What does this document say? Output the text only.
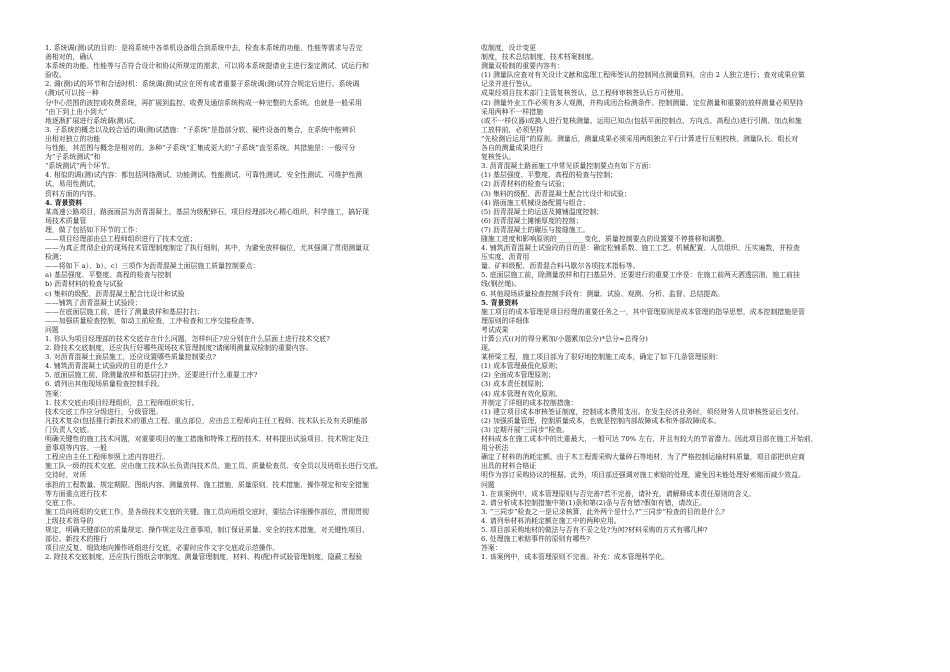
1. 系统调(测)试的目的：是将系统中各单机设备组合到系统中去，检查本系统的功能、性能等需求与否完
善相对的，确认
本系统的功能、性能等与否符合设计和协议所规定的需求，可以将本系统提请业主进行鉴定测试、试运行和
验收。
2. 调(测)试的环节和合适时机：系统调(测)试应在所有或者重要子系统调(测)试符合规定后进行。系统调
(测)试可以按一种
分中心范围的波控或收费系统，再扩展到监控、收费及通信系统构成一种完整的大系统。也就是一般采用
“由下到上由小到大”
地逐渐扩展进行系统调(测)试。
3. 子系统的概念以及较合适的调(测)试措施：“子系统”是指部分软、硬件设备的集合，在系统中能辨识
出相对独立的功能
与性能，其范围与概念是相对的。多种“子系统”汇集成更大的“子系统”直至系统。其措施是：一般可分
为“子系统测试”和
“系统测试”两个环节。
4. 相似的调(测)试内容：都包括网络测试、功能测试、性能测试、可靠性测试、安全性测试、可维护性测
试、易用性测试、
资料方面的内容。
4. 背景资料
某高速公路项目，路面面层为沥青混凝土，基层为级配碎石，项目经理部决心精心组织、科学施工，搞好现
场技术质量管
理，做了包括如下环节的工作：
——项目经理部由总工程师组织进行了技术交底；
——为真正贯彻企业的现场技术管理制度制定了执行细则，其中，为避免放样偏位，尤其强调了贯彻测量双
检测；
——将如下 a）、b）、c）三项作为沥青混凝土面层施工质量控制要点：
a) 基层强度、平整度、高程的检查与控制
b) 沥青材料的检查与试验
c) 集料的级配、沥青混凝土配合比设计和试验
——铺筑了沥青混凝土试验段；
——在底面层施工前，进行了测量放样和基层打扫；
——加强质量检查控制，如动工前检查，工序检查和工序交接检查等。
问题
1. 你认为项目经理部的技术交底存在什么问题，怎样纠正?应分别在什么层面上进行技术交底?
2. 除技术交底制度，还应执行好哪些现场技术管理制度?请阐明测量双检制的重要内容。
3. 对沥青混凝土面层施工，还应设置哪些质量控制要点?
4. 铺筑沥青混凝土试验段的目的是什么?
5. 底面层施工前，除测量放样和基层打扫外，还要进行什么重要工序?
6. 请列出其他现场质量检查控制手段。
答案：
1. 技术交底由项目经理组织，总工程师组织实行。
技术交底工作应分级进行，分级管理。
凡技术复杂(包括推行新技术)的重点工程、重点部位，应由总工程师向主任工程师、技术队长及有关职能部
门负责人交底。
明确关键性的施工技术问题，对重要项目的施工措施和特殊工程的技术、材料提出试验项目、技术规定及注
意事项等内容。一般
工程应由主任工程师参照上述内容进行。
施工队一级的技术交底，应由施工技术队长负责向技术员、施工员、质量检查员、安全员以及班组长进行交底。
交待时，对所
承担的工程数量、规定期限、图纸内容、测量放样、施工措施、质量原则、技术措施、操作规定和安全措施
等方面重点进行技术
交底工作。
施工员向班组的交底工作，是各级技术交底的关键。施工员向班组交底时，要结合详细操作部位，贯彻贯彻
上级技术领导的
规定，明确关键部位的质量规定、操作规定及注意事项，制订保证质量、安全的技术措施，对关键性项目、
部位、新技术的推行
项目应反复、细致地向操作班组进行交底，必要时应作文字交底或示范操作。
2. 除技术交底制度，还应执行图纸会审制度、测量管理制度，材料、构(配)件试验管理制度，隐蔽工程验
收制度，设计变更
制度，技术总结制度，技术档案制度。
测量双检制的重要内容有：
(1) 测量队应查对有关设计文献和监理工程师签认的控制网点测量资料，应由 2 人独立进行；查对成果应做
记录并进行签认。
成果经项目技术部门主管复核签认，总工程师审核签认后方可使用。
(2) 测量外业工作必须有多人观测，并构成闭合检测条件。控制测量、定位测量和重要的放样测量必须坚持
采用两种不一样措施
(或不一样仪器)或换人进行复核测量。运用已知点(包括平面控制点、方向点、高程点)进行引测、加点和施
工放样前，必须坚持
“先检测后运用”的原则。测量后，测量成果必须采用两组独立平行计算进行互相校核，测量队长、组长对
各自的测量成果进行
复核签认。
3. 沥青混凝土路面施工中常见质量控制要点有如下方面：
(1) 基层强度、平整度、高程的检查与控制；
(2) 沥青材料的检查与试验；
(3) 集料的级配、沥青混凝土配合比设计和试验；
(4) 路面施工机械设备配置与组合；
(5) 沥青混凝土的运送及摊铺温度控制；
(6) 沥青混凝土摊铺厚度的控制；
(7) 沥青混凝土的碾压与接缝施工。
随施工进度和影响原则的________变化，质量控制要点的设置要不停推移和调整。
4. 铺筑沥青混凝土试验段的目的是：确定松铺系数、施工工艺、机械配置、人员组织、压实遍数，并检查
压实度、沥青用
量、矿料级配、沥青混合料马歇尔各项技术指标等。
5. 底面层施工前，除测量放样和打扫基层外，还要进行的重要工序是：在施工前两天洒透层油，施工前挂
线(钢丝绳)。
6. 其他现场质量检查控制手段有：测量、试验、观测、分析、监督、总结提高。
5. 背景资料
施工项目的成本管理是项目经理的重要任务之一，其中管理原则是成本管理的指导思想，成本控制措施是管
理原则的详细体
考试成果
计算公式((对的得分累加/小题累加总分)*总分=总得分)
现。
某桥梁工程，施工项目部为了很好地控制施工成本，确定了如下几条管理原则：
(1) 成本管理最低化原则；
(2) 全面成本管理原则；
(3) 成本责任制原则；
(4) 成本管理有效化原则。
并制定了详细的成本控制措施：
(1) 建立项目成本审核签证制度，控制成本费用支出。在发生经济业务时，须经财务人员审核签证后支付。
(2) 加强质量管理，控制质量成本，也就是控制内部故障成本和外部故障成本。
(3) 定期开展“三同步”检查。
材料成本在施工成本中的比重最大，一般可达 70% 左右，并且有较大的节省潜力。因此项目部在施工开始前，
用分析法
确定了材料的消耗定额。由于木工程需采购大量碎石等地材，为了严格控制运输材料质量，项目部把供应商
出具的材料合格证
明作为容订采购协议的根据。此外，项目部还强调对施工索赔的处理，避免因未能处理好索赔而减少效益。
问题
1. 在该案例中，成本管理原则与否完善?若不完善，请补充，请解释成本责任原则的含义。
2. 请分析成本控制措施中第(1)条和第(2)条与否有错?假如有错，请改正。
3. “三同步”检查之一是记录核算，此外两个是什么?“三同步”检查的目的是什么?
4. 请列举材料消耗定额在施工中的两种应用。
5. 项目部采购地材的做法与否有不妥之处?为何?材料采购的方式有哪几种?
6. 处理施工索赔事件的原则有哪些?
答案：
1. 该案例中，成本管理原则不完善。补充：成本管理科学化。
